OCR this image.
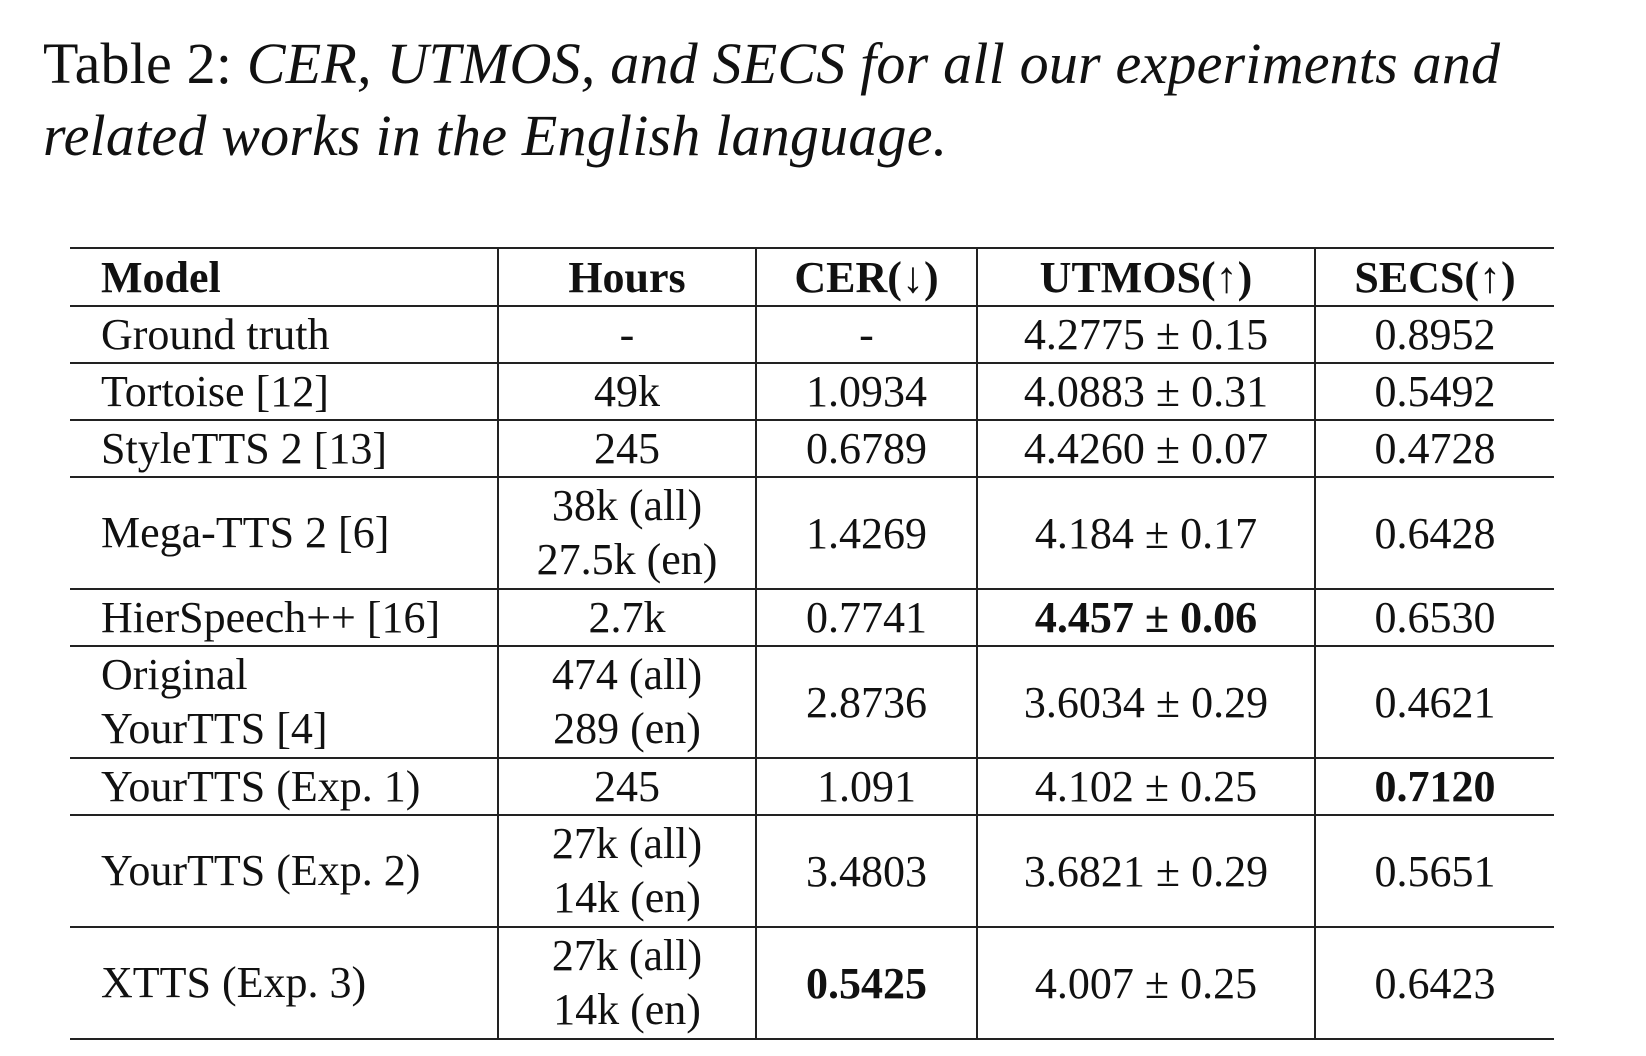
Table 2: CER, UTMOS, and SECS for all our experiments and related works in the English language.
Model	Hours	CER(↓)	UTMOS(↑)	SECS(↑)

Ground truth	-	-	4.2775 ± 0.15	0.8952

Tortoise [12]	49k	1.0934	4.0883 ± 0.31	0.5492

StyleTTS 2 [13]	245	0.6789	4.4260 ± 0.07	0.4728

Mega-TTS 2 [6]	38k (all)
27.5k (en)	1.4269	4.184 ± 0.17	0.6428

HierSpeech++ [16]	2.7k	0.7741	4.457 ± 0.06	0.6530

Original
YourTTS [4]	474 (all)
289 (en)	2.8736	3.6034 ± 0.29	0.4621

YourTTS (Exp. 1)	245	1.091	4.102 ± 0.25	0.7120

YourTTS (Exp. 2)	27k (all)
14k (en)	3.4803	3.6821 ± 0.29	0.5651

XTTS (Exp. 3)	27k (all)
14k (en)	0.5425	4.007 ± 0.25	0.6423
